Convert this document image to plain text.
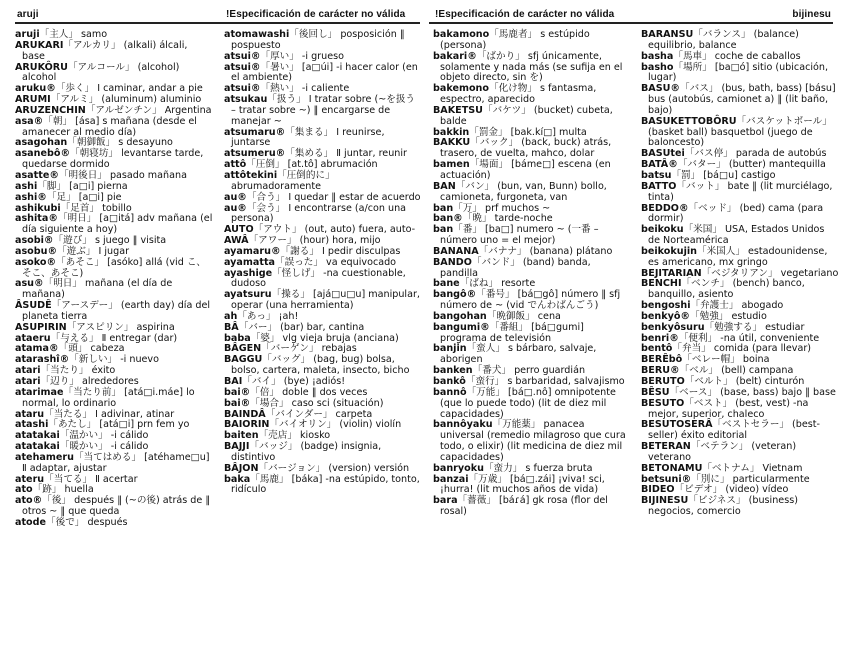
aruji	!Especificación de carácter no válida	!Especificación de carácter no válida	bijinesu

aruji「主人」 samo

ARUKARI「アルカリ」 (alkali) álcali, base

ARUKÔRU「アルコール」 (alcohol) alcohol

aruku®「歩く」 Ⅰ caminar, andar a pie

ARUMI「アルミ」 (aluminum) aluminio

ARUZENCHIN「アルゼンチン」 Argentina

asa®「朝」 [ása] s mañana (desde el amanecer al medio día)

asagohan「朝御飯」 s desayuno

asanebô®「朝寝坊」 levantarse tarde, quedarse dormido

asatte®「明後日」 pasado mañana

ashi「脚」 [a□i] pierna

ashi®「足」 [a□i] pie

ashikubi「足首」 tobillo

ashita®「明日」 [a□itá] adv mañana (el día siguiente a hoy)

asobi®「遊び」 s juego ‖ visita

asobu®「遊ぶ」 Ⅰ jugar

asoko®「あそこ」 [asóko] allá (vid こ、そこ、あそこ)

asu®「明日」 mañana (el día de mañana)

ÂSUDÊ「アースデー」 (earth day) día del planeta tierra

ASUPIRIN「アスピリン」 aspirina

ataeru「与える」 Ⅱ entregar (dar)

atama®「頭」 cabeza

atarashî®「新しい」 -i nuevo

atari「当たり」 éxito

atari「辺り」 alrededores

atarimae「当たり前」 [atá□i.máe] lo normal, lo ordinario

ataru「当たる」 Ⅰ adivinar, atinar

atashi「あたし」 [atá□i] prn fem yo

atatakai「温かい」 -i cálido

atatakai「暖かい」 -i cálido

atehameru「当てはめる」 [atéhame□u] Ⅱ adaptar, ajustar

ateru「当てる」 Ⅱ acertar

ato「跡」 huella

ato®「後」 después ‖ (~の後) atrás de ‖ otros ~ ‖ que queda

atode「後で」 después

atomawashi「後回し」 posposición ‖ pospuesto

atsui®「厚い」 -i grueso

atsui®「暑い」 [a□úi] -i hacer calor (en el ambiente)

atsui®「熱い」 -i caliente

atsukau「扱う」 Ⅰ tratar sobre (~を扱う – tratar sobre ~) ‖ encargarse de manejar ~

atsumaru®「集まる」 Ⅰ reunirse, juntarse

atsumeru®「集める」 Ⅱ juntar, reunir

attô「圧倒」 [at.tô] abrumación

attôtekini「圧倒的に」 abrumadoramente

au®「合う」 Ⅰ quedar ‖ estar de acuerdo

au®「会う」 Ⅰ encontrarse (a/con una persona)

AUTO「アウト」 (out, auto) fuera, auto-

AWÂ「アワー」 (hour) hora, mijo

ayamaru®「謝る」 Ⅰ pedir disculpas

ayamatta「誤った」 va equivocado

ayashige「怪しげ」 -na cuestionable, dudoso

ayatsuru「操る」 [ajá□u□u] manipular, operar (una herramienta)

ah「あっ」 ¡ah!

BÂ「バー」 (bar) bar, cantina

baba「婆」 vlg vieja bruja (anciana)

BÂGEN「バーゲン」 rebajas

BAGGU「バッグ」 (bag, bug) bolsa, bolso, cartera, maleta, insecto, bicho

BAI「バイ」 (bye) ¡adiós!

bai®「倍」 doble ‖ dos veces

bai®「場合」 caso sci (situación)

BAINDÂ「バインダー」 carpeta

BAIORIN「バイオリン」 (violin) violín

baiten「売店」 kiosko

BAJJI「バッジ」 (badge) insignia, distintivo

BÂJON「バージョン」 (version) versión

baka「馬鹿」 [báka] -na estúpido, tonto, ridículo

bakamono「馬鹿者」 s estúpido (persona)

bakari®「ばかり」 sfj únicamente, solamente y nada más (se sufija en el objeto directo, sin を)

bakemono「化け物」 s fantasma, espectro, aparecido

BAKETSU「バケツ」 (bucket) cubeta, balde

bakkin「罰金」 [bak.kí□] multa

BAKKU「バック」 (back, buck) atrás, trasero, de vuelta, mahco, dolar

bamen「場面」 [báme□] escena (en actuación)

BAN「バン」 (bun, van, Bunn) bollo, camioneta, furgoneta, van

ban「万」 prf muchos ~

ban®「晩」 tarde-noche

ban「番」 [ba□] numero ~ (一番 – número uno = el mejor)

BANANA「バナナ」 (banana) plátano

BANDO「バンド」 (band) banda, pandilla

bane「ばね」 resorte

bangô®「番号」 [bá□gô] número ‖ sfj número de ~ (vid でんわばんごう)

bangohan「晩御飯」 cena

bangumi®「番組」 [bá□gumi] programa de televisión

banjin「蛮人」 s bárbaro, salvaje, aborigen

banken「番犬」 perro guardián

bankô「蛮行」 s barbaridad, salvajismo

bannô「万能」 [bá□.nô] omnipotente (que lo puede todo) (lit de diez mil capacidades)

bannôyaku「万能薬」 panacea universal (remedio milagroso que cura todo, o elixir) (lit medicina de diez mil capacidades)

banryoku「蛮力」 s fuerza bruta

banzai「万歳」 [bá□.zái] ¡viva! sci, ¡hurra! (lit muchos años de vida)

bara「薔薇」 [báɾá] gk rosa (flor del rosal)

BARANSU「バランス」 (balance) equilibrio, balance

basha「馬車」 coche de caballos

basho「場所」 [ba□ó] sitio (ubicación, lugar)

BASU®「バス」 (bus, bath, bass) [básu] bus (autobús, camionet a) ‖ (lit baño, bajo)

BASUKETTOBÔRU「バスケットボール」 (basket ball) basquetbol (juego de baloncesto)

BASUtei「バス停」 parada de autobús

BATÂ®「バター」 (butter) mantequilla

batsu「罰」 [bá□u] castigo

BATTO「バット」 bate ‖ (lit murciélago, tinta)

BEDDO®「ベッド」 (bed) cama (para dormir)

beikoku「米国」 USA, Estados Unidos de Norteamérica

beikokujin「米国人」 estadounidense, es americano, mx gringo

BEJITARIAN「ベジタリアン」 vegetariano

BENCHI「ベンチ」 (bench) banco, banquillo, asiento

bengoshi「弁護士」 abogado

benkyô®「勉強」 estudio

benkyôsuru「勉強する」 estudiar

benri®「便利」 -na útil, conveniente

bentô「弁当」 comida (para llevar)

BERÊbô「ベレー帽」 boina

BERU®「ベル」 (bell) campana

BERUTO「ベルト」 (belt) cinturón

BÊSU「ベース」 (base, bass) bajo ‖ base

BESUTO「ベスト」 (best, vest) -na mejor, superior, chaleco

BESUTOSERÂ「ベストセラー」 (best-seller) éxito editorial

BETERAN「ベテラン」 (veteran) veterano

BETONAMU「ベトナム」 Vietnam

betsuni®「別に」 particularmente

BIDEO「ビデオ」 (video) vídeo

BIJINESU「ビジネス」 (business) negocios, comercio
